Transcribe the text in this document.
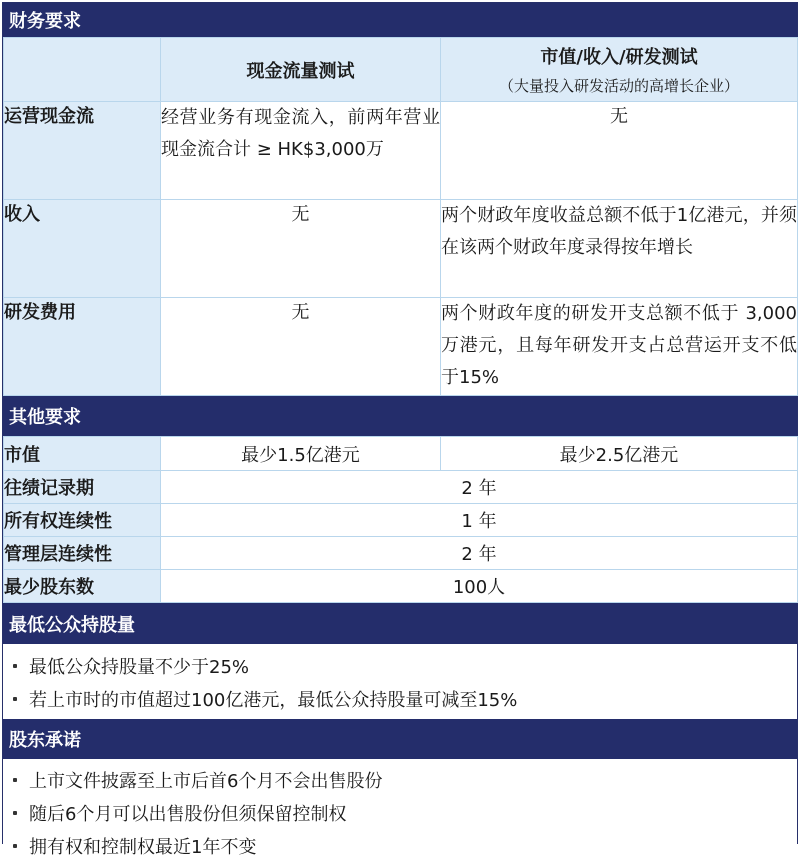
财务要求
	现金流量测试	市值/收入/研发测试
（大量投入研发活动的高增长企业）

运营现金流	经营业务有现金流入，前两年营业现金流合计 ≥ HK$3,000万	无
收入	无	两个财政年度收益总额不低于1亿港元，并须在该两个财政年度录得按年增长
研发费用	无	两个财政年度的研发开支总额不低于 3,000万港元，且每年研发开支占总营运开支不低于15%
其他要求
市值	最少1.5亿港元	最少2.5亿港元
往绩记录期	2 年	
所有权连续性	1 年	
管理层连续性	2 年	
最少股东数	100人	
最低公众持股量
最低公众持股量不少于25%
若上市时的市值超过100亿港元，最低公众持股量可减至15%
股东承诺
上市文件披露至上市后首6个月不会出售股份
随后6个月可以出售股份但须保留控制权
拥有权和控制权最近1年不变
